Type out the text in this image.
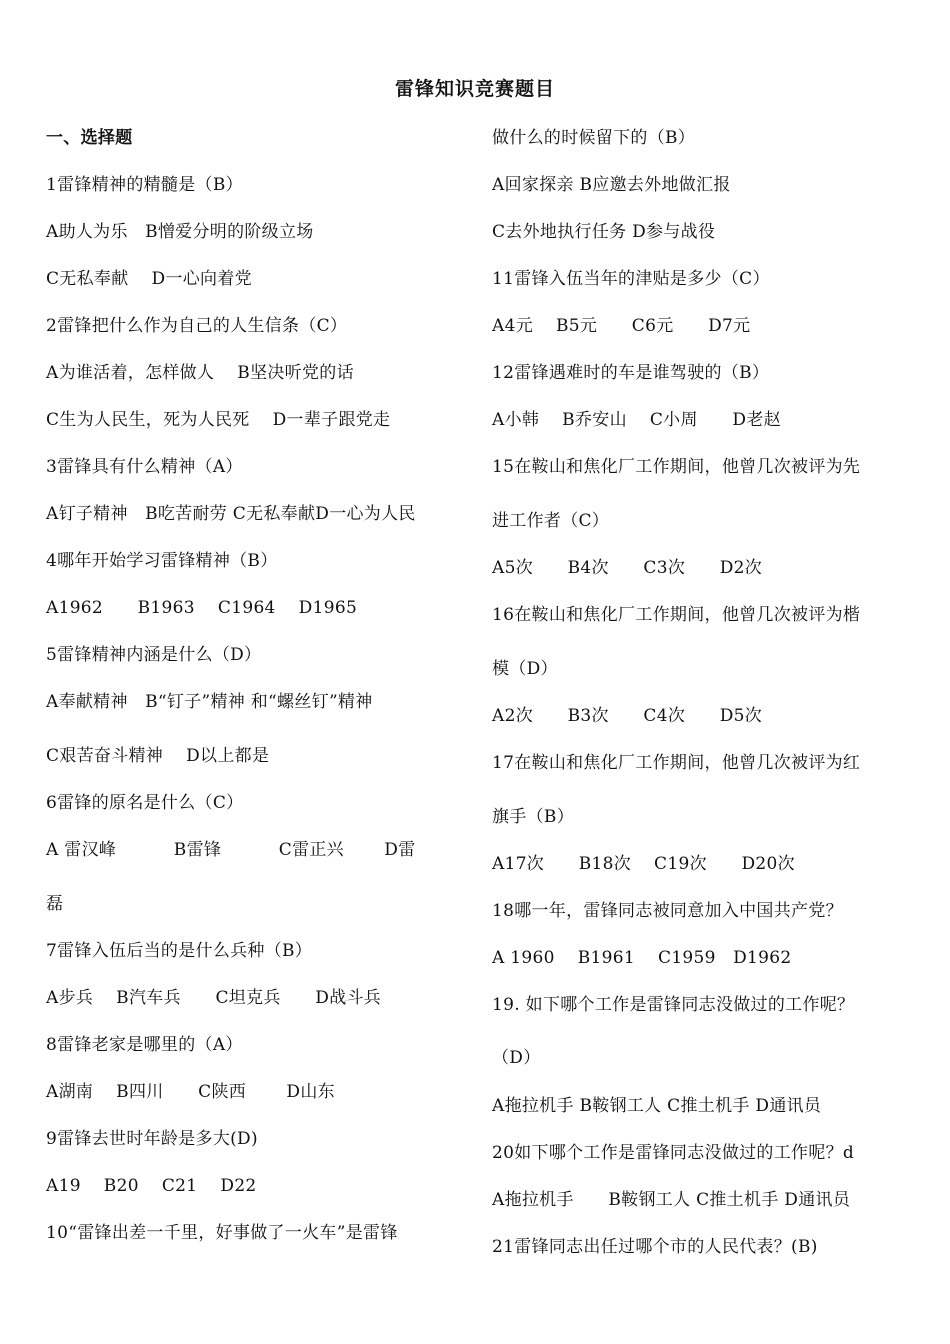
雷锋知识竞赛题目
一、选择题
1雷锋精神的精髓是（B）
A助人为乐　B憎爱分明的阶级立场
C无私奉献　 D一心向着党
2雷锋把什么作为自己的人生信条（C）
A为谁活着，怎样做人　 B坚决听党的话
C生为人民生，死为人民死　 D一辈子跟党走
3雷锋具有什么精神（A）
A钉子精神　B吃苦耐劳 C无私奉献D一心为人民
4哪年开始学习雷锋精神（B）
A1962　　B1963　 C1964　 D1965
5雷锋精神内涵是什么（D）
A奉献精神　B“钉子”精神 和“螺丝钉”精神
C艰苦奋斗精神　 D以上都是
6雷锋的原名是什么（C）
A 雷汉峰　　　 B雷锋　　　 C雷正兴　　 D雷
磊
7雷锋入伍后当的是什么兵种（B）
A步兵　 B汽车兵　　C坦克兵　　D战斗兵
8雷锋老家是哪里的（A）
A湖南　 B四川　　C陕西　　 D山东
9雷锋去世时年龄是多大(D)
A19　 B20　 C21　 D22
10“雷锋出差一千里，好事做了一火车”是雷锋
做什么的时候留下的（B）
A回家探亲 B应邀去外地做汇报
C去外地执行任务 D参与战役
11雷锋入伍当年的津贴是多少（C）
A4元　 B5元　　C6元　　D7元
12雷锋遇难时的车是谁驾驶的（B）
A小韩　 B乔安山　 C小周　　D老赵
15在鞍山和焦化厂工作期间，他曾几次被评为先
进工作者（C）
A5次　　B4次　　C3次　　D2次
16在鞍山和焦化厂工作期间，他曾几次被评为楷
模（D）
A2次　　B3次　　C4次　　D5次
17在鞍山和焦化厂工作期间，他曾几次被评为红
旗手（B）
A17次　　B18次　 C19次　　D20次
18哪一年，雷锋同志被同意加入中国共产党？
A 1960　 B1961　 C1959　D1962
19. 如下哪个工作是雷锋同志没做过的工作呢？
（D）
A拖拉机手 B鞍钢工人 C推土机手 D通讯员
20如下哪个工作是雷锋同志没做过的工作呢？d
A拖拉机手　　B鞍钢工人 C推土机手 D通讯员
21雷锋同志出任过哪个市的人民代表？(B)
